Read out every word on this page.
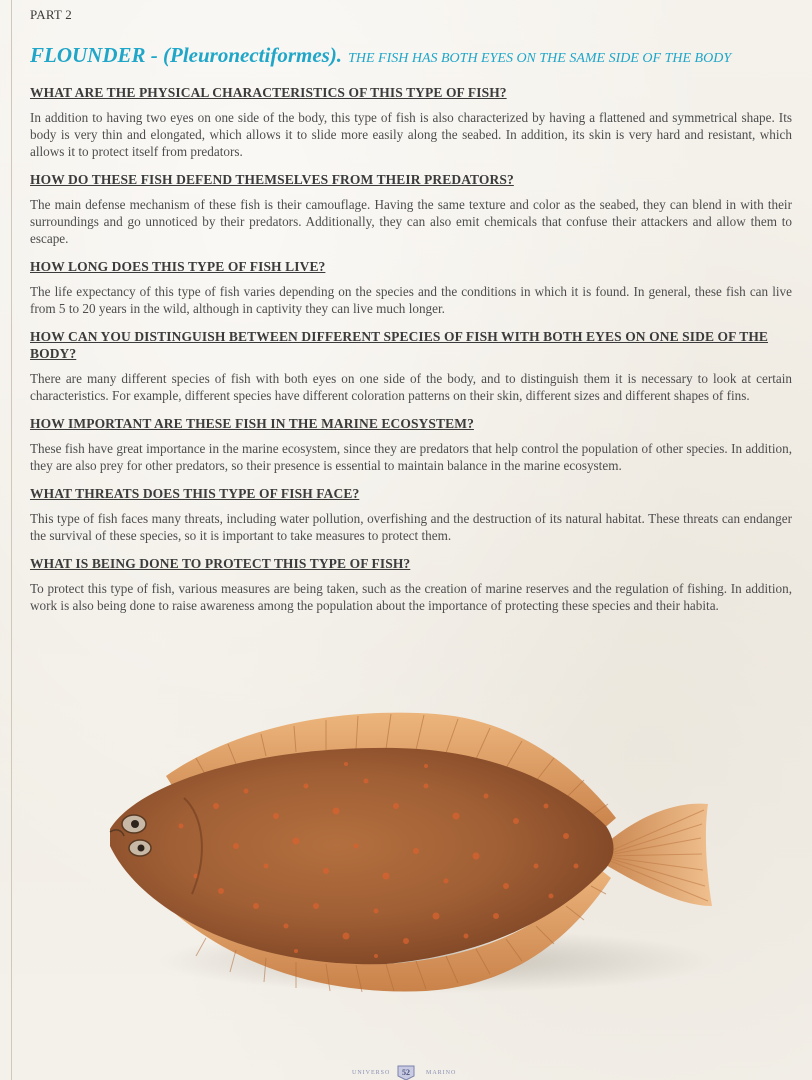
PART 2
FLOUNDER - (Pleuronectiformes). THE FISH HAS BOTH EYES ON THE SAME SIDE OF THE BODY
WHAT ARE THE PHYSICAL CHARACTERISTICS OF THIS TYPE OF FISH?

In addition to having two eyes on one side of the body, this type of fish is also characterized by having a flattened and symmetrical shape. Its body is very thin and elongated, which allows it to slide more easily along the seabed. In addition, its skin is very hard and resistant, which allows it to protect itself from predators.

HOW DO THESE FISH DEFEND THEMSELVES FROM THEIR PREDATORS?

The main defense mechanism of these fish is their camouflage. Having the same texture and color as the seabed, they can blend in with their surroundings and go unnoticed by their predators. Additionally, they can also emit chemicals that confuse their attackers and allow them to escape.

HOW LONG DOES THIS TYPE OF FISH LIVE?

The life expectancy of this type of fish varies depending on the species and the conditions in which it is found. In general, these fish can live from 5 to 20 years in the wild, although in captivity they can live much longer.

HOW CAN YOU DISTINGUISH BETWEEN DIFFERENT SPECIES OF FISH WITH BOTH EYES ON ONE SIDE OF THE BODY?

There are many different species of fish with both eyes on one side of the body, and to distinguish them it is necessary to look at certain characteristics. For example, different species have different coloration patterns on their skin, different sizes and different shapes of fins.

HOW IMPORTANT ARE THESE FISH IN THE MARINE ECOSYSTEM?

These fish have great importance in the marine ecosystem, since they are predators that help control the population of other species. In addition, they are also prey for other predators, so their presence is essential to maintain balance in the marine ecosystem.

WHAT THREATS DOES THIS TYPE OF FISH FACE?

This type of fish faces many threats, including water pollution, overfishing and the destruction of its natural habitat. These threats can endanger the survival of these species, so it is important to take measures to protect them.

WHAT IS BEING DONE TO PROTECT THIS TYPE OF FISH?

To protect this type of fish, various measures are being taken, such as the creation of marine reserves and the regulation of fishing. In addition, work is also being done to raise awareness among the population about the importance of protecting these species and their habita.

UNIVERSO 52	MARINO
